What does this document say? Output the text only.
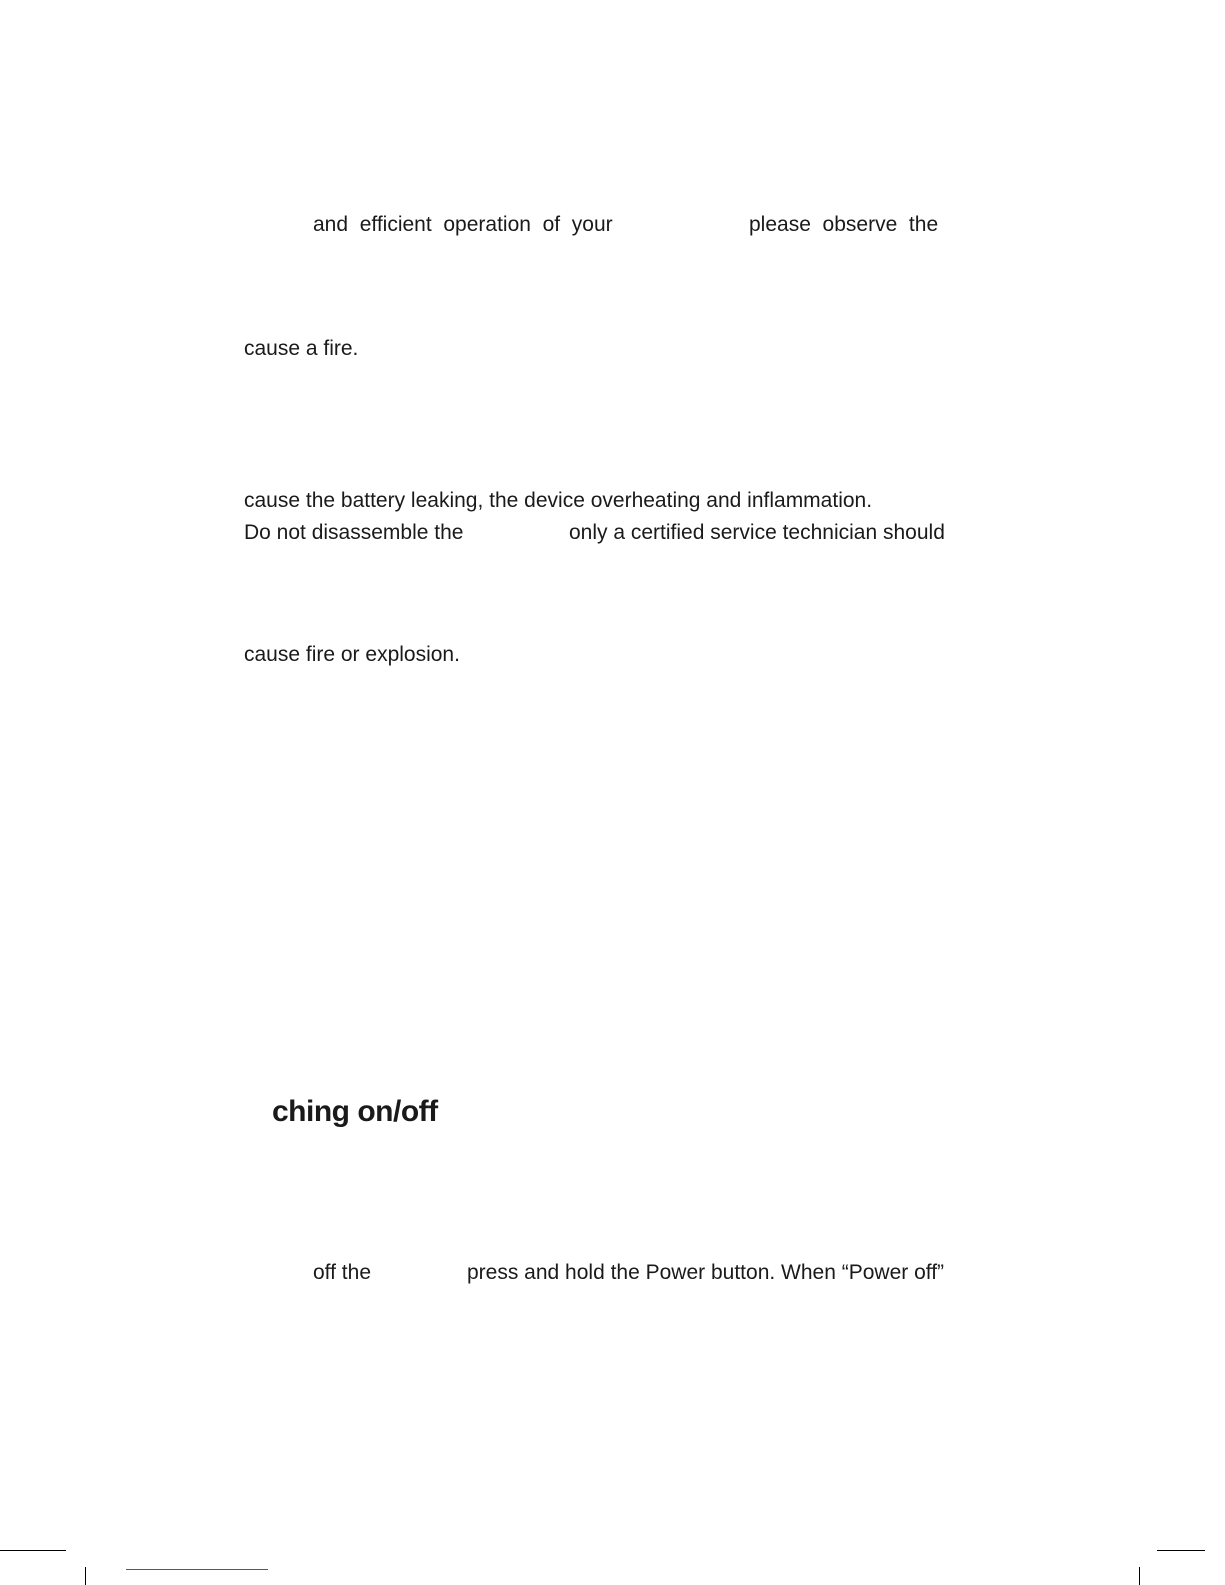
and  efficient  operation  of  your	please  observe  the
cause a fire.
cause the battery leaking, the device overheating and inflammation.
Do not disassemble the	only a certified service technician should
cause fire or explosion.
ching on/off
off the	press and hold the Power button. When “Power off”
